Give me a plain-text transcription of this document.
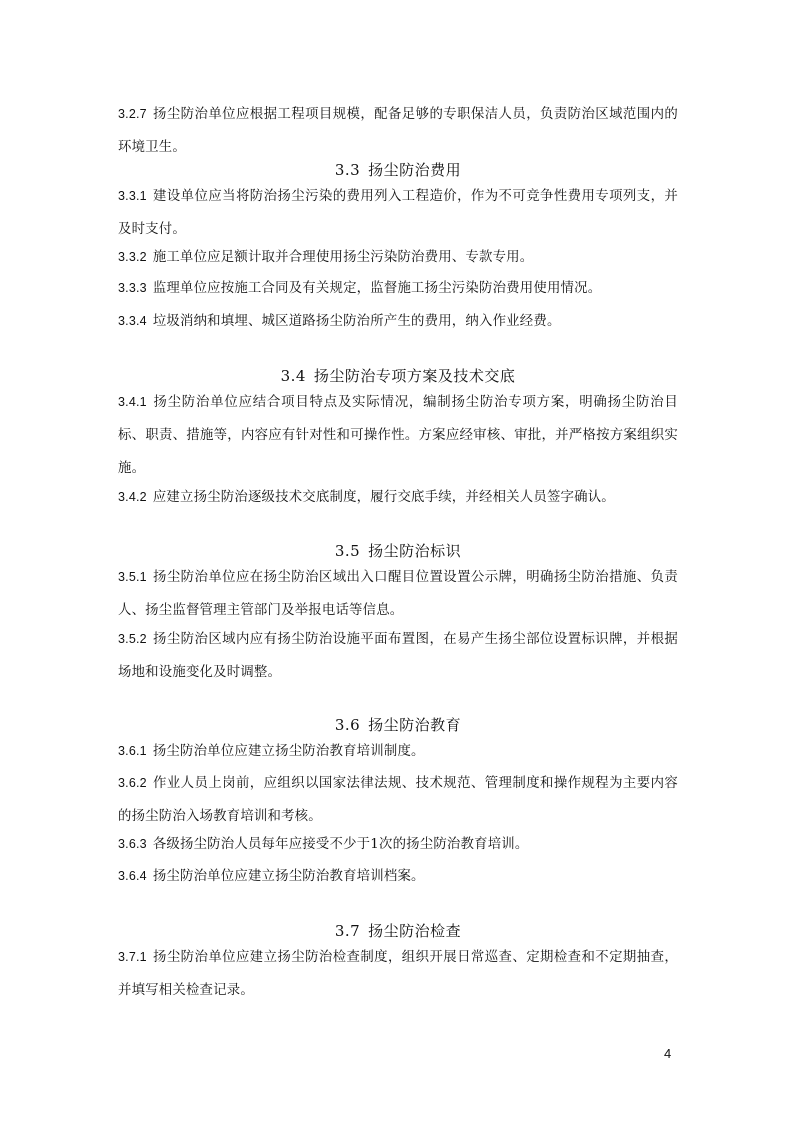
3.2.7 扬尘防治单位应根据工程项目规模，配备足够的专职保洁人员，负责防治区域范围内的环境卫生。
3.3 扬尘防治费用
3.3.1 建设单位应当将防治扬尘污染的费用列入工程造价，作为不可竞争性费用专项列支，并及时支付。
3.3.2 施工单位应足额计取并合理使用扬尘污染防治费用、专款专用。
3.3.3 监理单位应按施工合同及有关规定，监督施工扬尘污染防治费用使用情况。
3.3.4 垃圾消纳和填埋、城区道路扬尘防治所产生的费用，纳入作业经费。
3.4 扬尘防治专项方案及技术交底
3.4.1 扬尘防治单位应结合项目特点及实际情况，编制扬尘防治专项方案，明确扬尘防治目标、职责、措施等，内容应有针对性和可操作性。方案应经审核、审批，并严格按方案组织实施。
3.4.2 应建立扬尘防治逐级技术交底制度，履行交底手续，并经相关人员签字确认。
3.5 扬尘防治标识
3.5.1 扬尘防治单位应在扬尘防治区域出入口醒目位置设置公示牌，明确扬尘防治措施、负责人、扬尘监督管理主管部门及举报电话等信息。
3.5.2 扬尘防治区域内应有扬尘防治设施平面布置图，在易产生扬尘部位设置标识牌，并根据场地和设施变化及时调整。
3.6 扬尘防治教育
3.6.1 扬尘防治单位应建立扬尘防治教育培训制度。
3.6.2 作业人员上岗前，应组织以国家法律法规、技术规范、管理制度和操作规程为主要内容的扬尘防治入场教育培训和考核。
3.6.3 各级扬尘防治人员每年应接受不少于1次的扬尘防治教育培训。
3.6.4 扬尘防治单位应建立扬尘防治教育培训档案。
3.7 扬尘防治检查
3.7.1 扬尘防治单位应建立扬尘防治检查制度，组织开展日常巡查、定期检查和不定期抽查，并填写相关检查记录。
4
